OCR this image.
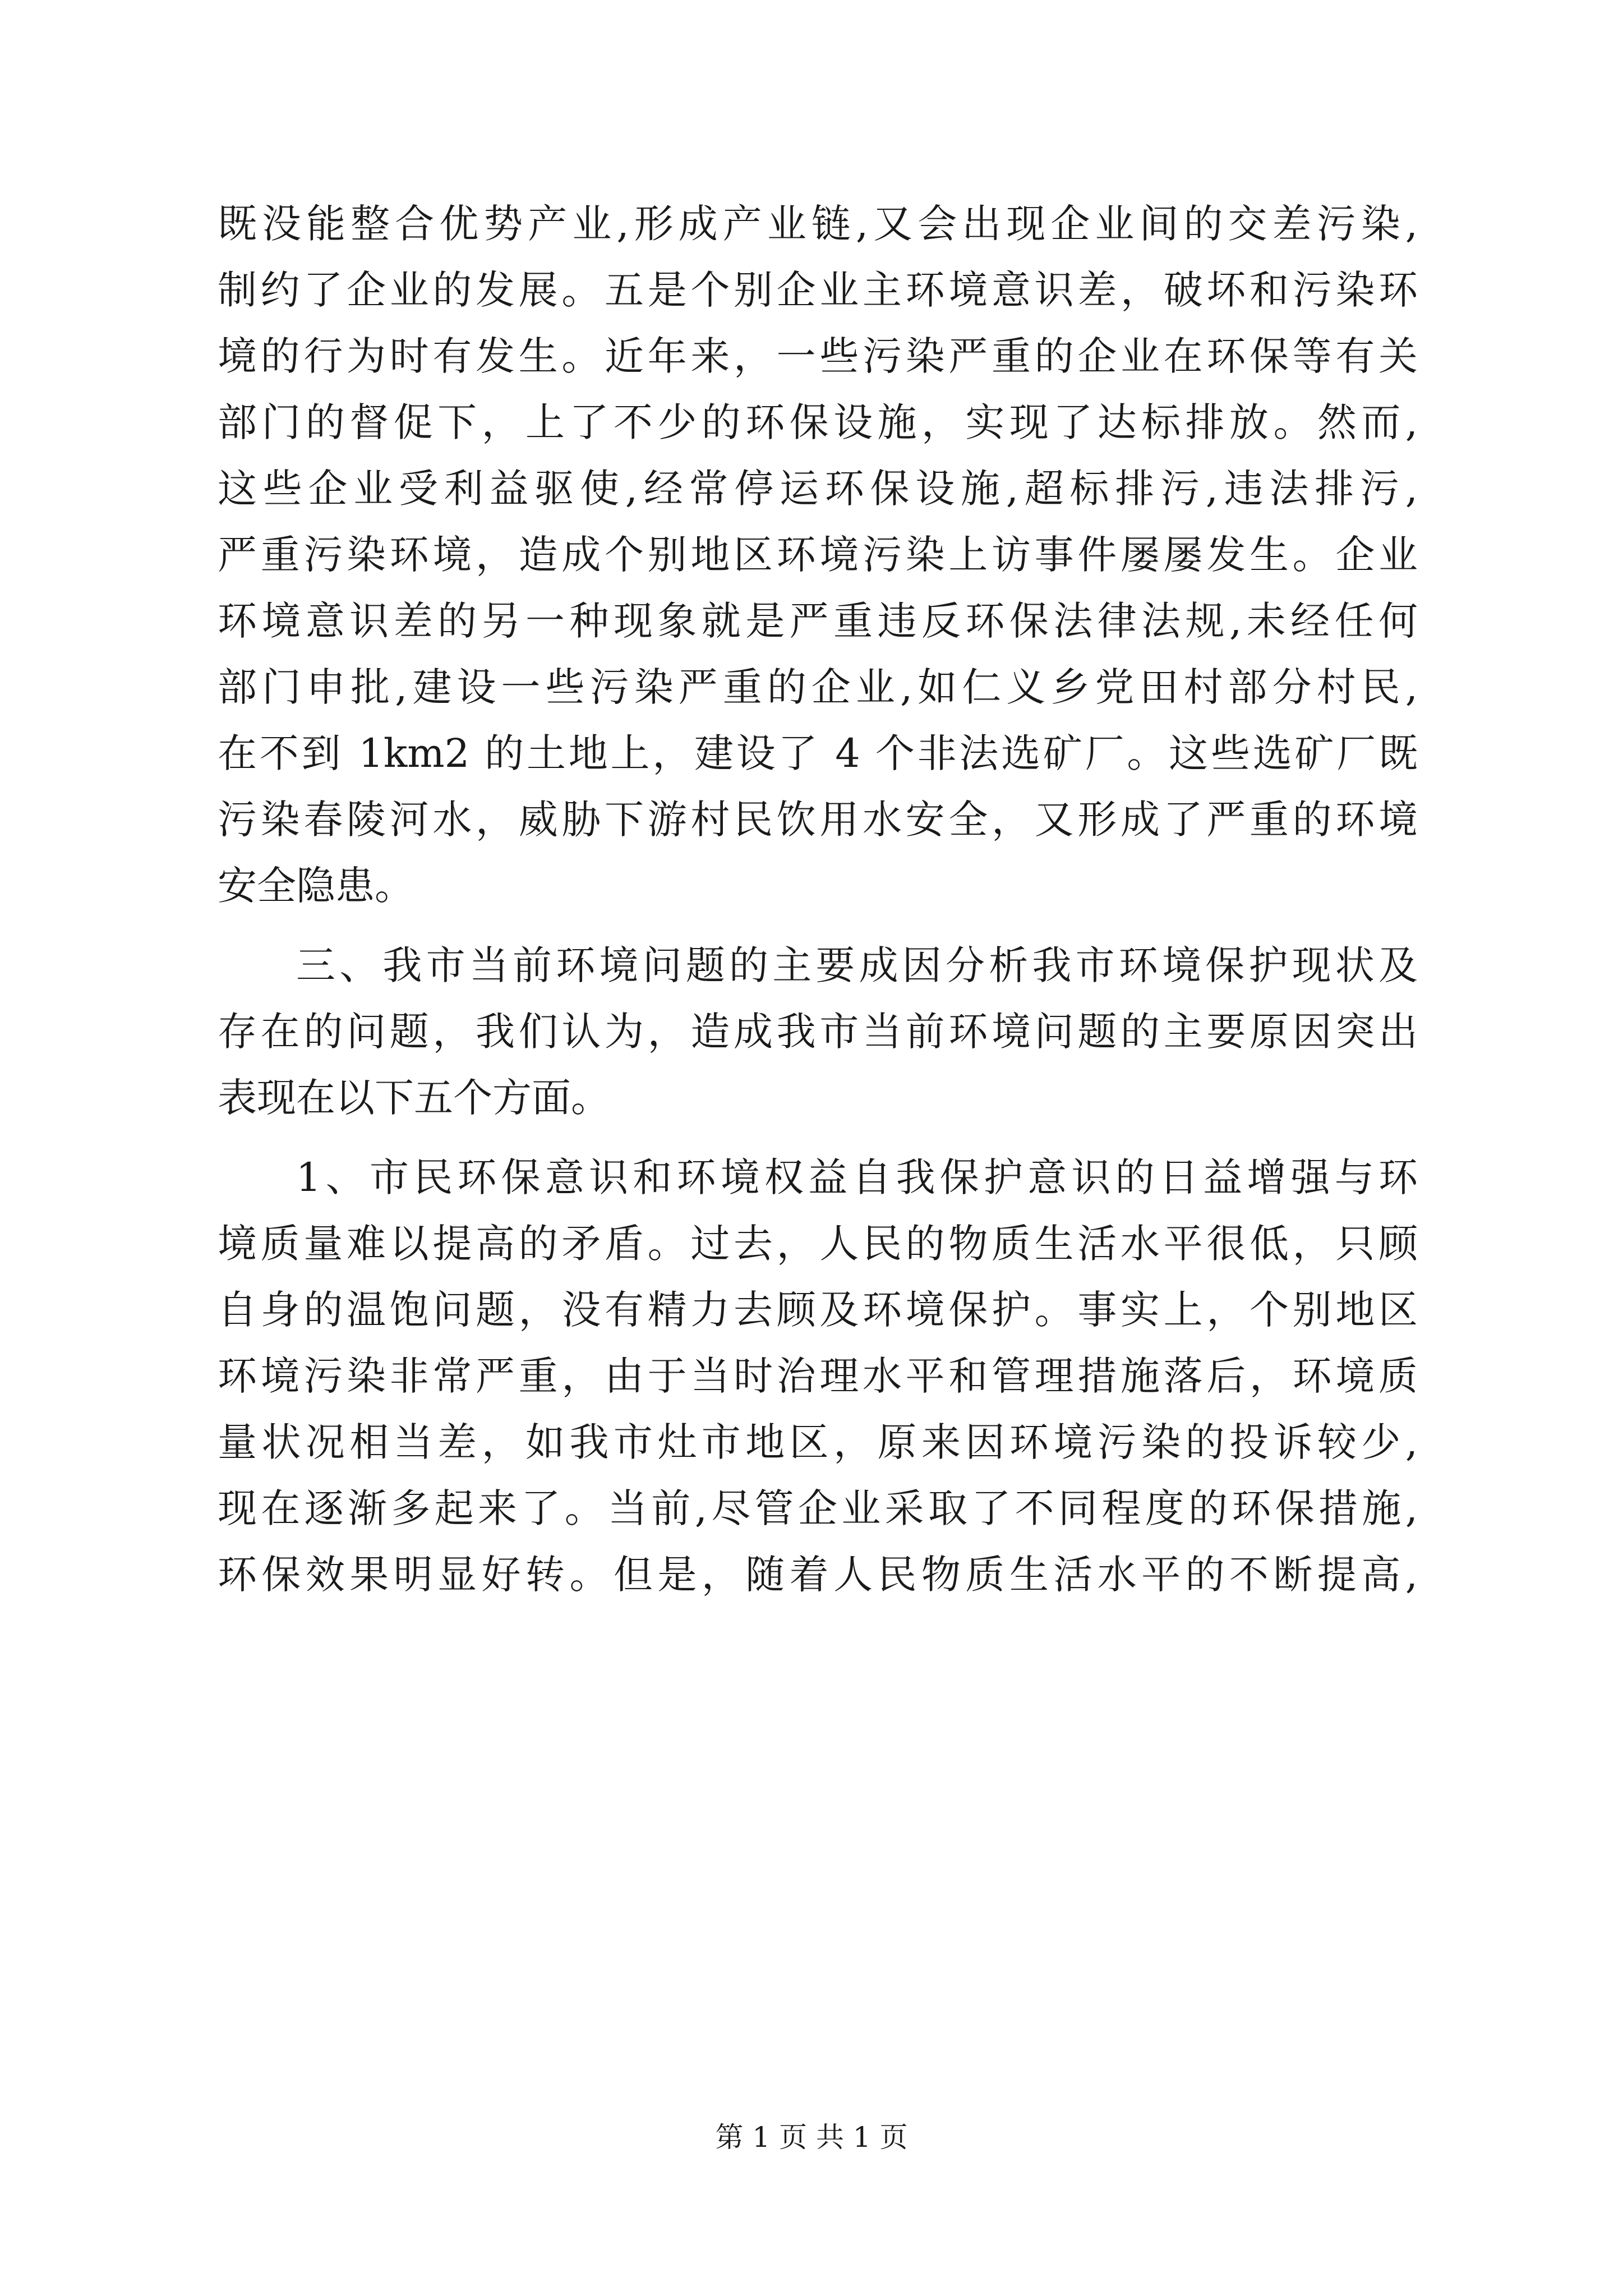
既没能整合优势产业,形成产业链,又会出现企业间的交差污染,
制约了企业的发展。五是个别企业主环境意识差，破坏和污染环
境的行为时有发生。近年来，一些污染严重的企业在环保等有关
部门的督促下，上了不少的环保设施，实现了达标排放。然而,
这些企业受利益驱使,经常停运环保设施,超标排污,违法排污,
严重污染环境，造成个别地区环境污染上访事件屡屡发生。企业
环境意识差的另一种现象就是严重违反环保法律法规,未经任何
部门申批,建设一些污染严重的企业,如仁义乡党田村部分村民,
在不到 1km2 的土地上，建设了 4 个非法选矿厂。这些选矿厂既
污染春陵河水，威胁下游村民饮用水安全，又形成了严重的环境
安全隐患。
三、我市当前环境问题的主要成因分析我市环境保护现状及
存在的问题，我们认为，造成我市当前环境问题的主要原因突出
表现在以下五个方面。
1、市民环保意识和环境权益自我保护意识的日益增强与环
境质量难以提高的矛盾。过去，人民的物质生活水平很低，只顾
自身的温饱问题，没有精力去顾及环境保护。事实上，个别地区
环境污染非常严重，由于当时治理水平和管理措施落后，环境质
量状况相当差，如我市灶市地区，原来因环境污染的投诉较少,
现在逐渐多起来了。当前,尽管企业采取了不同程度的环保措施,
环保效果明显好转。但是，随着人民物质生活水平的不断提高,
第 1 页 共 1 页
